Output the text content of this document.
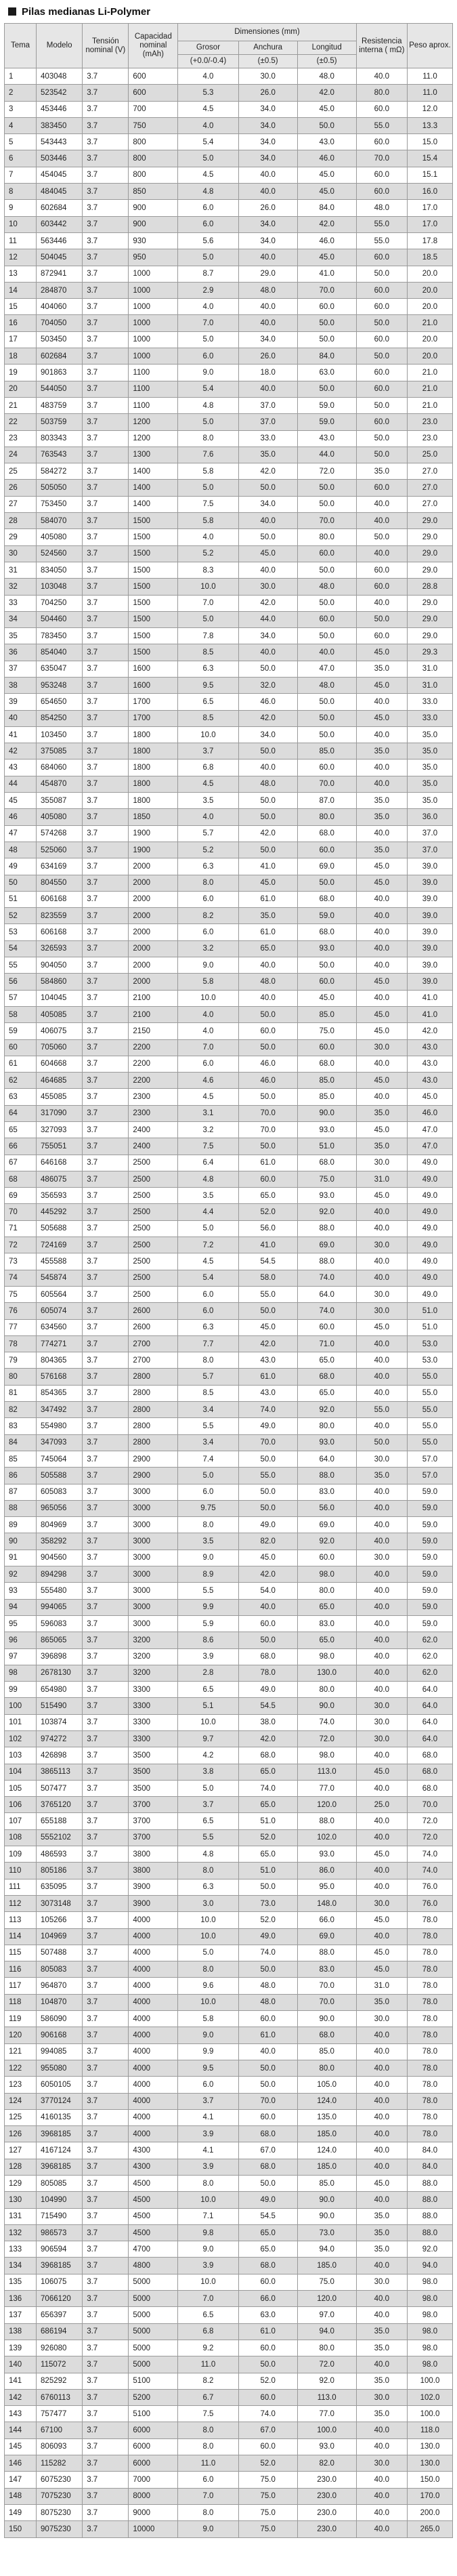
Pilas medianas Li-Polymer
Tema	Modelo	Tensión nominal (V)	Capacidad nominal (mAh)	Dimensiones (mm)			Resistencia interna ( mΩ)	Peso aprox.
				Grosor	Anchura	Longitud		
				(+0.0/-0.4)	(±0.5)	(±0.5)		
1	403048	3.7	600	4.0	30.0	48.0	40.0	11.0
2	523542	3.7	600	5.3	26.0	42.0	80.0	11.0
3	453446	3.7	700	4.5	34.0	45.0	60.0	12.0
4	383450	3.7	750	4.0	34.0	50.0	55.0	13.3
5	543443	3.7	800	5.4	34.0	43.0	60.0	15.0
6	503446	3.7	800	5.0	34.0	46.0	70.0	15.4
7	454045	3.7	800	4.5	40.0	45.0	60.0	15.1
8	484045	3.7	850	4.8	40.0	45.0	60.0	16.0
9	602684	3.7	900	6.0	26.0	84.0	48.0	17.0
10	603442	3.7	900	6.0	34.0	42.0	55.0	17.0
11	563446	3.7	930	5.6	34.0	46.0	55.0	17.8
12	504045	3.7	950	5.0	40.0	45.0	60.0	18.5
13	872941	3.7	1000	8.7	29.0	41.0	50.0	20.0
14	284870	3.7	1000	2.9	48.0	70.0	60.0	20.0
15	404060	3.7	1000	4.0	40.0	60.0	60.0	20.0
16	704050	3.7	1000	7.0	40.0	50.0	50.0	21.0
17	503450	3.7	1000	5.0	34.0	50.0	60.0	20.0
18	602684	3.7	1000	6.0	26.0	84.0	50.0	20.0
19	901863	3.7	1100	9.0	18.0	63.0	60.0	21.0
20	544050	3.7	1100	5.4	40.0	50.0	60.0	21.0
21	483759	3.7	1100	4.8	37.0	59.0	50.0	21.0
22	503759	3.7	1200	5.0	37.0	59.0	60.0	23.0
23	803343	3.7	1200	8.0	33.0	43.0	50.0	23.0
24	763543	3.7	1300	7.6	35.0	44.0	50.0	25.0
25	584272	3.7	1400	5.8	42.0	72.0	35.0	27.0
26	505050	3.7	1400	5.0	50.0	50.0	60.0	27.0
27	753450	3.7	1400	7.5	34.0	50.0	40.0	27.0
28	584070	3.7	1500	5.8	40.0	70.0	40.0	29.0
29	405080	3.7	1500	4.0	50.0	80.0	50.0	29.0
30	524560	3.7	1500	5.2	45.0	60.0	40.0	29.0
31	834050	3.7	1500	8.3	40.0	50.0	60.0	29.0
32	103048	3.7	1500	10.0	30.0	48.0	60.0	28.8
33	704250	3.7	1500	7.0	42.0	50.0	40.0	29.0
34	504460	3.7	1500	5.0	44.0	60.0	50.0	29.0
35	783450	3.7	1500	7.8	34.0	50.0	60.0	29.0
36	854040	3.7	1500	8.5	40.0	40.0	45.0	29.3
37	635047	3.7	1600	6.3	50.0	47.0	35.0	31.0
38	953248	3.7	1600	9.5	32.0	48.0	45.0	31.0
39	654650	3.7	1700	6.5	46.0	50.0	40.0	33.0
40	854250	3.7	1700	8.5	42.0	50.0	45.0	33.0
41	103450	3.7	1800	10.0	34.0	50.0	40.0	35.0
42	375085	3.7	1800	3.7	50.0	85.0	35.0	35.0
43	684060	3.7	1800	6.8	40.0	60.0	40.0	35.0
44	454870	3.7	1800	4.5	48.0	70.0	40.0	35.0
45	355087	3.7	1800	3.5	50.0	87.0	35.0	35.0
46	405080	3.7	1850	4.0	50.0	80.0	35.0	36.0
47	574268	3.7	1900	5.7	42.0	68.0	40.0	37.0
48	525060	3.7	1900	5.2	50.0	60.0	35.0	37.0
49	634169	3.7	2000	6.3	41.0	69.0	45.0	39.0
50	804550	3.7	2000	8.0	45.0	50.0	45.0	39.0
51	606168	3.7	2000	6.0	61.0	68.0	40.0	39.0
52	823559	3.7	2000	8.2	35.0	59.0	40.0	39.0
53	606168	3.7	2000	6.0	61.0	68.0	40.0	39.0
54	326593	3.7	2000	3.2	65.0	93.0	40.0	39.0
55	904050	3.7	2000	9.0	40.0	50.0	40.0	39.0
56	584860	3.7	2000	5.8	48.0	60.0	45.0	39.0
57	104045	3.7	2100	10.0	40.0	45.0	40.0	41.0
58	405085	3.7	2100	4.0	50.0	85.0	45.0	41.0
59	406075	3.7	2150	4.0	60.0	75.0	45.0	42.0
60	705060	3.7	2200	7.0	50.0	60.0	30.0	43.0
61	604668	3.7	2200	6.0	46.0	68.0	40.0	43.0
62	464685	3.7	2200	4.6	46.0	85.0	45.0	43.0
63	455085	3.7	2300	4.5	50.0	85.0	40.0	45.0
64	317090	3.7	2300	3.1	70.0	90.0	35.0	46.0
65	327093	3.7	2400	3.2	70.0	93.0	45.0	47.0
66	755051	3.7	2400	7.5	50.0	51.0	35.0	47.0
67	646168	3.7	2500	6.4	61.0	68.0	30.0	49.0
68	486075	3.7	2500	4.8	60.0	75.0	31.0	49.0
69	356593	3.7	2500	3.5	65.0	93.0	45.0	49.0
70	445292	3.7	2500	4.4	52.0	92.0	40.0	49.0
71	505688	3.7	2500	5.0	56.0	88.0	40.0	49.0
72	724169	3.7	2500	7.2	41.0	69.0	30.0	49.0
73	455588	3.7	2500	4.5	54.5	88.0	40.0	49.0
74	545874	3.7	2500	5.4	58.0	74.0	40.0	49.0
75	605564	3.7	2500	6.0	55.0	64.0	30.0	49.0
76	605074	3.7	2600	6.0	50.0	74.0	30.0	51.0
77	634560	3.7	2600	6.3	45.0	60.0	45.0	51.0
78	774271	3.7	2700	7.7	42.0	71.0	40.0	53.0
79	804365	3.7	2700	8.0	43.0	65.0	40.0	53.0
80	576168	3.7	2800	5.7	61.0	68.0	40.0	55.0
81	854365	3.7	2800	8.5	43.0	65.0	40.0	55.0
82	347492	3.7	2800	3.4	74.0	92.0	55.0	55.0
83	554980	3.7	2800	5.5	49.0	80.0	40.0	55.0
84	347093	3.7	2800	3.4	70.0	93.0	50.0	55.0
85	745064	3.7	2900	7.4	50.0	64.0	30.0	57.0
86	505588	3.7	2900	5.0	55.0	88.0	35.0	57.0
87	605083	3.7	3000	6.0	50.0	83.0	40.0	59.0
88	965056	3.7	3000	9.75	50.0	56.0	40.0	59.0
89	804969	3.7	3000	8.0	49.0	69.0	40.0	59.0
90	358292	3.7	3000	3.5	82.0	92.0	40.0	59.0
91	904560	3.7	3000	9.0	45.0	60.0	30.0	59.0
92	894298	3.7	3000	8.9	42.0	98.0	40.0	59.0
93	555480	3.7	3000	5.5	54.0	80.0	40.0	59.0
94	994065	3.7	3000	9.9	40.0	65.0	40.0	59.0
95	596083	3.7	3000	5.9	60.0	83.0	40.0	59.0
96	865065	3.7	3200	8.6	50.0	65.0	40.0	62.0
97	396898	3.7	3200	3.9	68.0	98.0	40.0	62.0
98	2678130	3.7	3200	2.8	78.0	130.0	40.0	62.0
99	654980	3.7	3300	6.5	49.0	80.0	40.0	64.0
100	515490	3.7	3300	5.1	54.5	90.0	30.0	64.0
101	103874	3.7	3300	10.0	38.0	74.0	30.0	64.0
102	974272	3.7	3300	9.7	42.0	72.0	30.0	64.0
103	426898	3.7	3500	4.2	68.0	98.0	40.0	68.0
104	3865113	3.7	3500	3.8	65.0	113.0	45.0	68.0
105	507477	3.7	3500	5.0	74.0	77.0	40.0	68.0
106	3765120	3.7	3700	3.7	65.0	120.0	25.0	70.0
107	655188	3.7	3700	6.5	51.0	88.0	40.0	72.0
108	5552102	3.7	3700	5.5	52.0	102.0	40.0	72.0
109	486593	3.7	3800	4.8	65.0	93.0	45.0	74.0
110	805186	3.7	3800	8.0	51.0	86.0	40.0	74.0
111	635095	3.7	3900	6.3	50.0	95.0	40.0	76.0
112	3073148	3.7	3900	3.0	73.0	148.0	30.0	76.0
113	105266	3.7	4000	10.0	52.0	66.0	45.0	78.0
114	104969	3.7	4000	10.0	49.0	69.0	40.0	78.0
115	507488	3.7	4000	5.0	74.0	88.0	45.0	78.0
116	805083	3.7	4000	8.0	50.0	83.0	45.0	78.0
117	964870	3.7	4000	9.6	48.0	70.0	31.0	78.0
118	104870	3.7	4000	10.0	48.0	70.0	35.0	78.0
119	586090	3.7	4000	5.8	60.0	90.0	30.0	78.0
120	906168	3.7	4000	9.0	61.0	68.0	40.0	78.0
121	994085	3.7	4000	9.9	40.0	85.0	40.0	78.0
122	955080	3.7	4000	9.5	50.0	80.0	40.0	78.0
123	6050105	3.7	4000	6.0	50.0	105.0	40.0	78.0
124	3770124	3.7	4000	3.7	70.0	124.0	40.0	78.0
125	4160135	3.7	4000	4.1	60.0	135.0	40.0	78.0
126	3968185	3.7	4000	3.9	68.0	185.0	40.0	78.0
127	4167124	3.7	4300	4.1	67.0	124.0	40.0	84.0
128	3968185	3.7	4300	3.9	68.0	185.0	40.0	84.0
129	805085	3.7	4500	8.0	50.0	85.0	45.0	88.0
130	104990	3.7	4500	10.0	49.0	90.0	40.0	88.0
131	715490	3.7	4500	7.1	54.5	90.0	35.0	88.0
132	986573	3.7	4500	9.8	65.0	73.0	35.0	88.0
133	906594	3.7	4700	9.0	65.0	94.0	35.0	92.0
134	3968185	3.7	4800	3.9	68.0	185.0	40.0	94.0
135	106075	3.7	5000	10.0	60.0	75.0	30.0	98.0
136	7066120	3.7	5000	7.0	66.0	120.0	40.0	98.0
137	656397	3.7	5000	6.5	63.0	97.0	40.0	98.0
138	686194	3.7	5000	6.8	61.0	94.0	35.0	98.0
139	926080	3.7	5000	9.2	60.0	80.0	35.0	98.0
140	115072	3.7	5000	11.0	50.0	72.0	40.0	98.0
141	825292	3.7	5100	8.2	52.0	92.0	35.0	100.0
142	6760113	3.7	5200	6.7	60.0	113.0	30.0	102.0
143	757477	3.7	5100	7.5	74.0	77.0	35.0	100.0
144	67100	3.7	6000	8.0	67.0	100.0	40.0	118.0
145	806093	3.7	6000	8.0	60.0	93.0	40.0	130.0
146	115282	3.7	6000	11.0	52.0	82.0	30.0	130.0
147	6075230	3.7	7000	6.0	75.0	230.0	40.0	150.0
148	7075230	3.7	8000	7.0	75.0	230.0	40.0	170.0
149	8075230	3.7	9000	8.0	75.0	230.0	40.0	200.0
150	9075230	3.7	10000	9.0	75.0	230.0	40.0	265.0
